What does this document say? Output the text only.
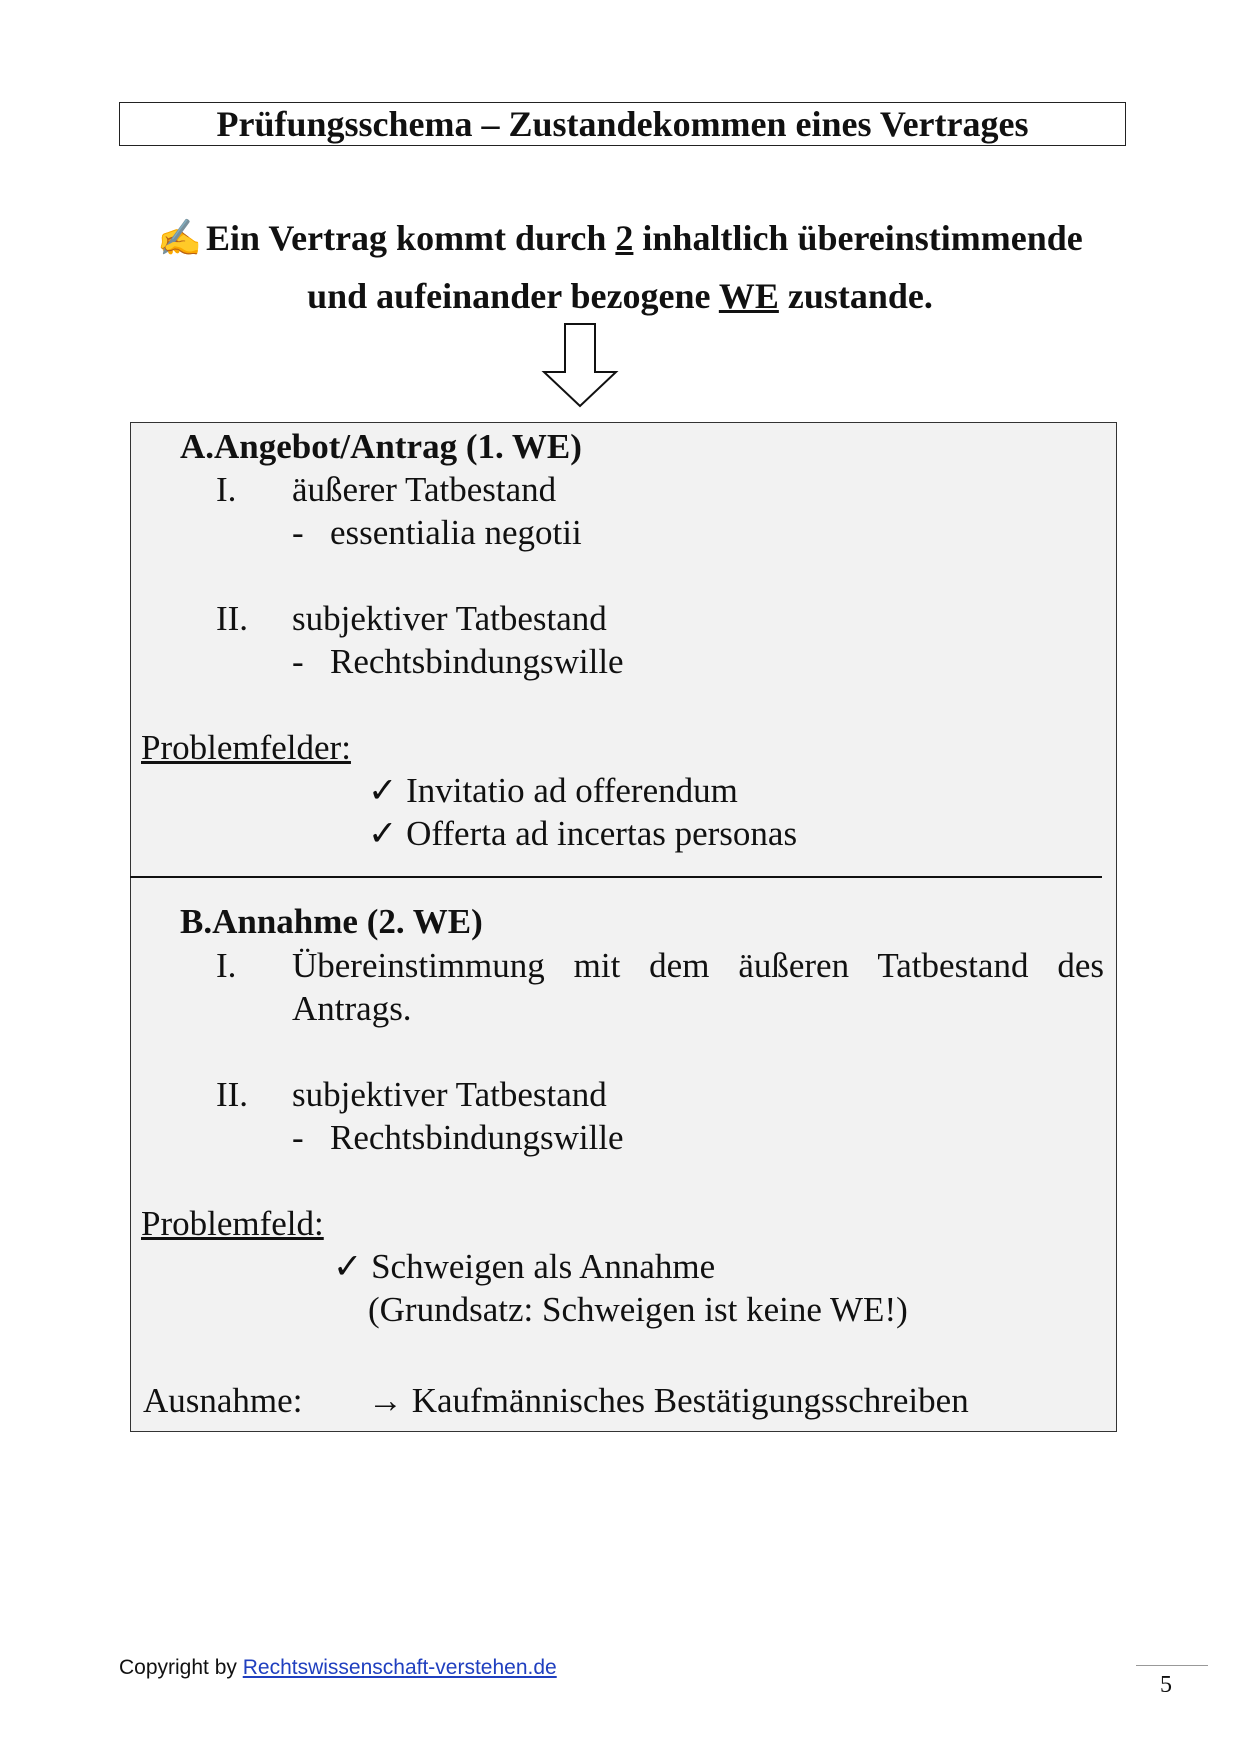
Prüfungsschema – Zustandekommen eines Vertrages
✍ Ein Vertrag kommt durch 2 inhaltlich übereinstimmende
und aufeinander bezogene WE zustande.
A.Angebot/Antrag (1. WE)
I. äußerer Tatbestand
- essentialia negotii
II. subjektiver Tatbestand
- Rechtsbindungswille
Problemfelder:
✓ Invitatio ad offerendum
✓ Offerta ad incertas personas
B.Annahme (2. WE)
I. Übereinstimmung mit dem äußeren Tatbestand des
Antrags.
II. subjektiver Tatbestand
- Rechtsbindungswille
Problemfeld:
✓ Schweigen als Annahme
(Grundsatz: Schweigen ist keine WE!)
Ausnahme: → Kaufmännisches Bestätigungsschreiben
Copyright by Rechtswissenschaft-verstehen.de
5
